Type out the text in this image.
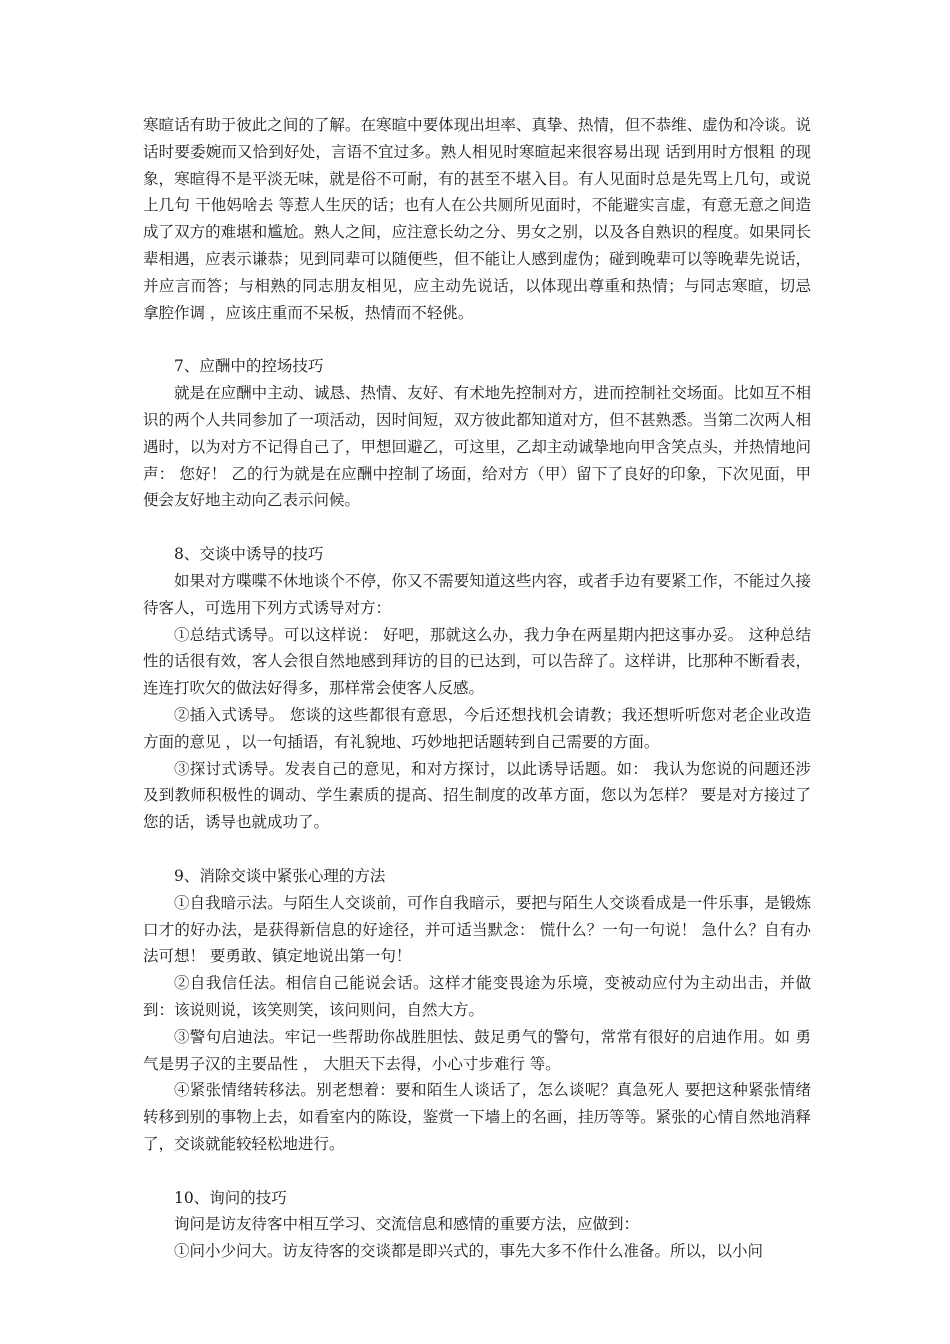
寒暄话有助于彼此之间的了解。在寒暄中要体现出坦率、真挚、热情，但不恭维、虚伪和冷谈。说话时要委婉而又恰到好处，言语不宜过多。熟人相见时寒暄起来很容易出现 话到用时方恨粗 的现象，寒暄得不是平淡无味，就是俗不可耐，有的甚至不堪入目。有人见面时总是先骂上几句，或说上几句 干他妈啥去 等惹人生厌的话；也有人在公共厕所见面时，不能避实言虚，有意无意之间造成了双方的难堪和尴尬。熟人之间，应注意长幼之分、男女之别，以及各自熟识的程度。如果同长辈相遇，应表示谦恭；见到同辈可以随便些，但不能让人感到虚伪；碰到晚辈可以等晚辈先说话，并应言而答；与相熟的同志朋友相见，应主动先说话，以体现出尊重和热情；与同志寒暄，切忌 拿腔作调 ，应该庄重而不呆板，热情而不轻佻。

7、应酬中的控场技巧

就是在应酬中主动、诚恳、热情、友好、有术地先控制对方，进而控制社交场面。比如互不相识的两个人共同参加了一项活动，因时间短，双方彼此都知道对方，但不甚熟悉。当第二次两人相遇时，以为对方不记得自己了，甲想回避乙，可这里，乙却主动诚挚地向甲含笑点头，并热情地问声： 您好！ 乙的行为就是在应酬中控制了场面，给对方（甲）留下了良好的印象，下次见面，甲便会友好地主动向乙表示问候。

8、交谈中诱导的技巧

如果对方喋喋不休地谈个不停，你又不需要知道这些内容，或者手边有要紧工作，不能过久接待客人，可选用下列方式诱导对方：

①总结式诱导。可以这样说： 好吧，那就这么办，我力争在两星期内把这事办妥。 这种总结性的话很有效，客人会很自然地感到拜访的目的已达到，可以告辞了。这样讲，比那种不断看表，连连打吹欠的做法好得多，那样常会使客人反感。

②插入式诱导。 您谈的这些都很有意思，今后还想找机会请教；我还想听听您对老企业改造方面的意见 ，以一句插语，有礼貌地、巧妙地把话题转到自己需要的方面。

③探讨式诱导。发表自己的意见，和对方探讨，以此诱导话题。如： 我认为您说的问题还涉及到教师积极性的调动、学生素质的提高、招生制度的改革方面，您以为怎样？ 要是对方接过了您的话，诱导也就成功了。

9、消除交谈中紧张心理的方法

①自我暗示法。与陌生人交谈前，可作自我暗示，要把与陌生人交谈看成是一件乐事，是锻炼口才的好办法，是获得新信息的好途径，并可适当默念： 慌什么？一句一句说！ 急什么？自有办法可想！ 要勇敢、镇定地说出第一句！

②自我信任法。相信自己能说会话。这样才能变畏途为乐境，变被动应付为主动出击，并做到：该说则说，该笑则笑，该问则问，自然大方。

③警句启迪法。牢记一些帮助你战胜胆怯、鼓足勇气的警句，常常有很好的启迪作用。如 勇气是男子汉的主要品性 ， 大胆天下去得，小心寸步难行 等。

④紧张情绪转移法。别老想着：要和陌生人谈话了，怎么谈呢？真急死人 要把这种紧张情绪转移到别的事物上去，如看室内的陈设，鉴赏一下墙上的名画，挂历等等。紧张的心情自然地消释了，交谈就能较轻松地进行。

10、询问的技巧

询问是访友待客中相互学习、交流信息和感情的重要方法，应做到：

①问小少问大。访友待客的交谈都是即兴式的，事先大多不作什么准备。所以，以小问
